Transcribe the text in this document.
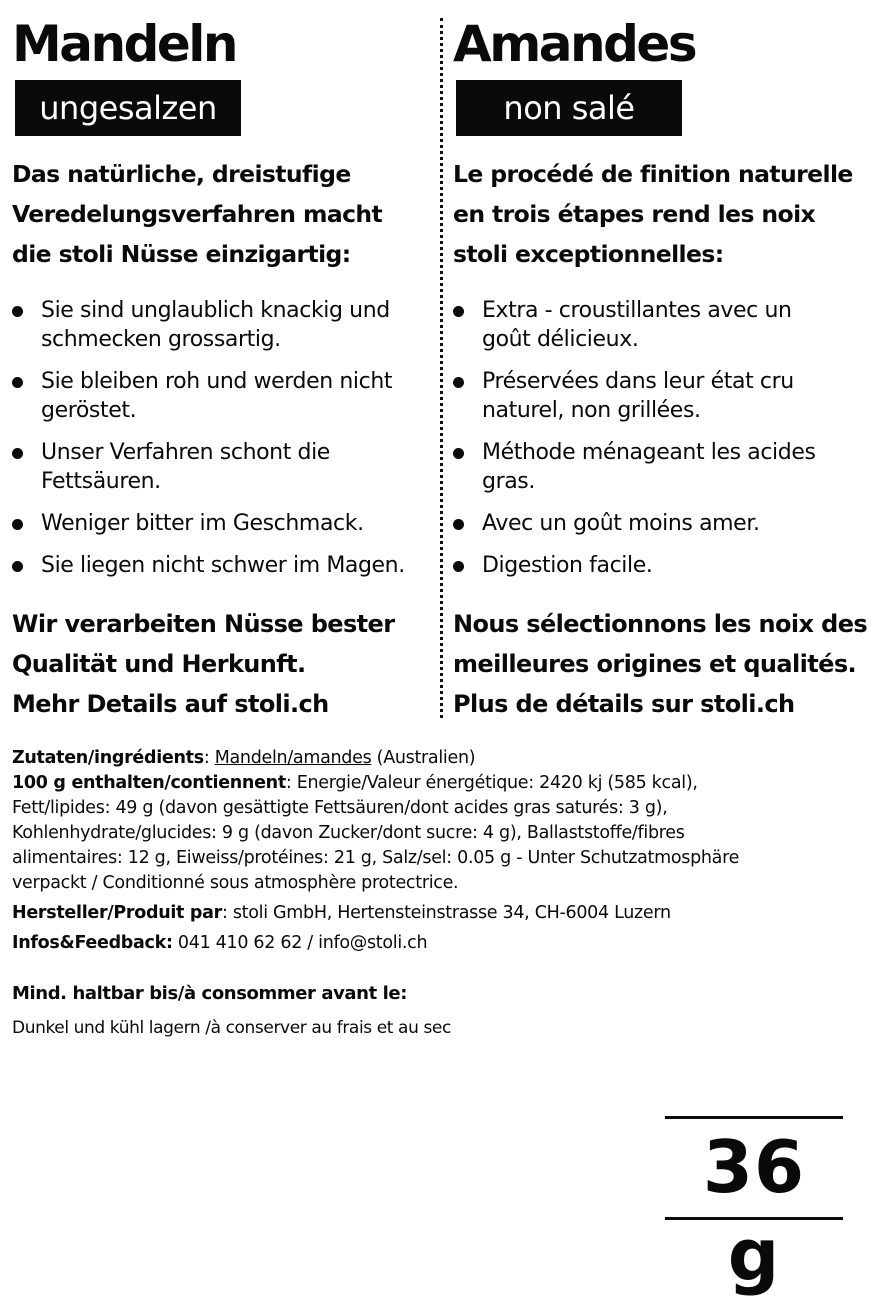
Mandeln
ungesalzen

Das natürliche, dreistufige
Veredelungsverfahren macht
die stoli Nüsse einzigartig:

Sie sind unglaublich knackig und
schmecken grossartig.
Sie bleiben roh und werden nicht
geröstet.
Unser Verfahren schont die
Fettsäuren.
Weniger bitter im Geschmack.
Sie liegen nicht schwer im Magen.

Wir verarbeiten Nüsse bester
Qualität und Herkunft.
Mehr Details auf stoli.ch

Amandes
non salé

Le procédé de finition naturelle
en trois étapes rend les noix
stoli exceptionnelles:

Extra - croustillantes avec un
goût délicieux.
Préservées dans leur état cru
naturel, non grillées.
Méthode ménageant les acides
gras.
Avec un goût moins amer.
Digestion facile.

Nous sélectionnons les noix des
meilleures origines et qualités.
Plus de détails sur stoli.ch

Zutaten/ingrédients: Mandeln/amandes (Australien)

100 g enthalten/contiennent: Energie/Valeur énergétique: 2420 kj (585 kcal),
Fett/lipides: 49 g (davon gesättigte Fettsäuren/dont acides gras saturés: 3 g),
Kohlenhydrate/glucides: 9 g (davon Zucker/dont sucre: 4 g), Ballaststoffe/fibres
alimentaires: 12 g, Eiweiss/protéines: 21 g, Salz/sel: 0.05 g - Unter Schutzatmosphäre
verpackt / Conditionné sous atmosphère protectrice.

Hersteller/Produit par: stoli GmbH, Hertensteinstrasse 34, CH-6004 Luzern

Infos&Feedback: 041 410 62 62 / info@stoli.ch

Mind. haltbar bis/à consommer avant le:
Dunkel und kühl lagern /à conserver au frais et au sec
36 g
